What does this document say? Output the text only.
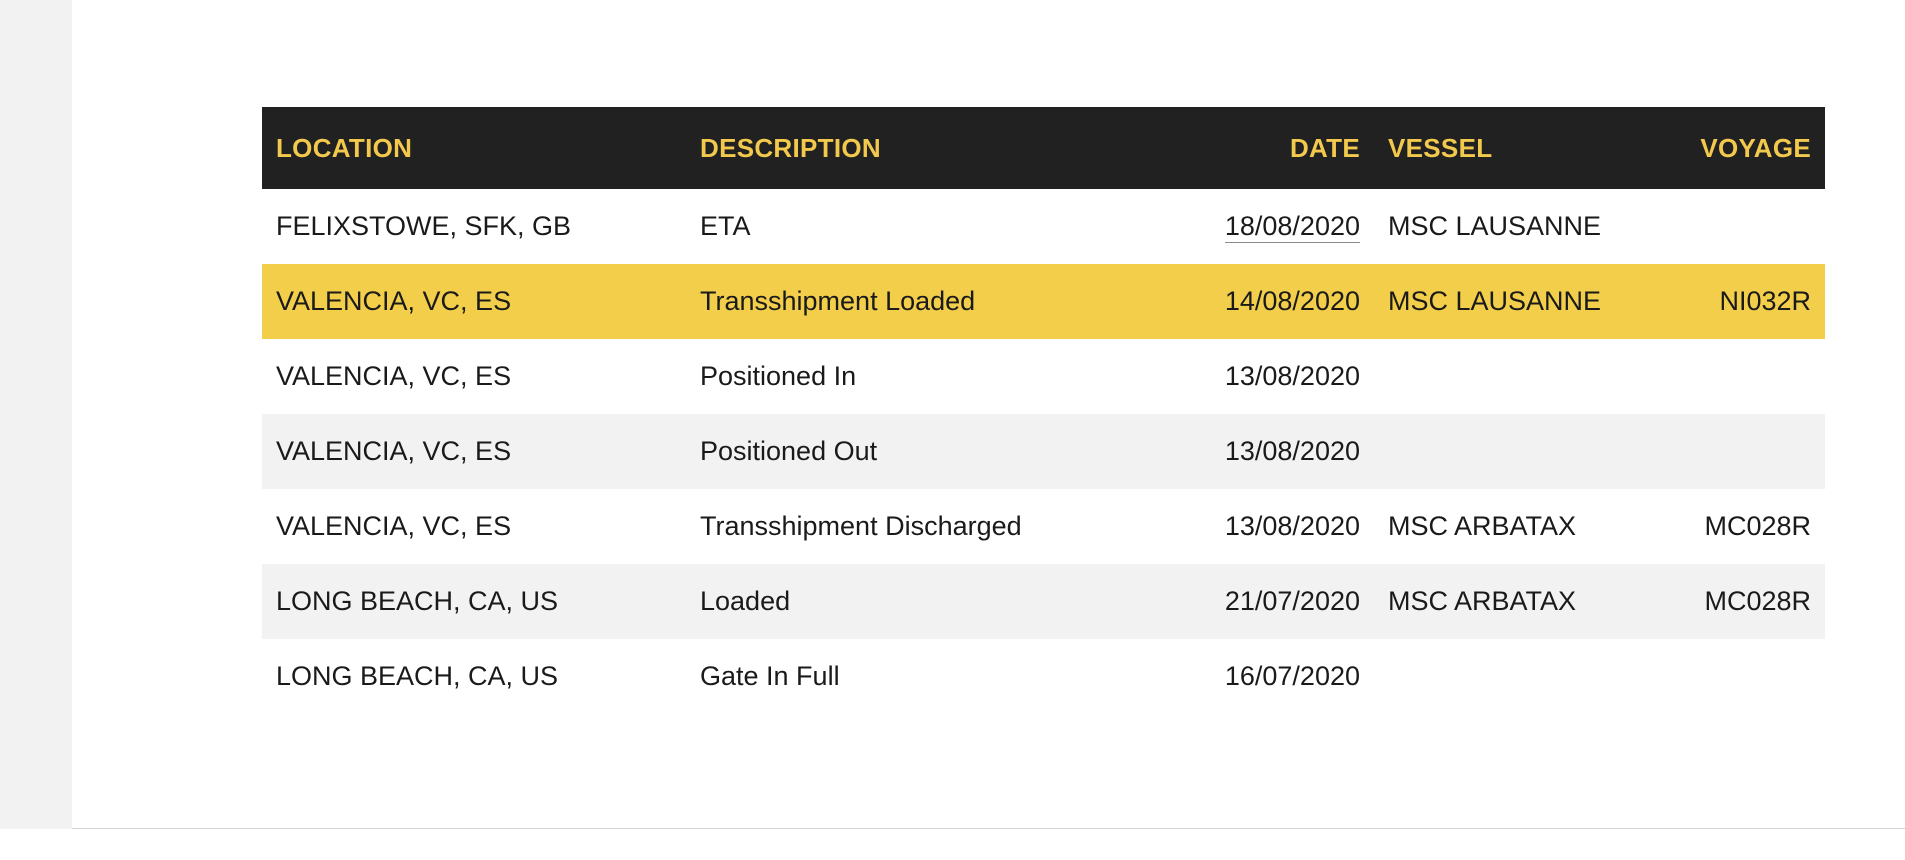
LOCATION	DESCRIPTION	DATE	VESSEL	VOYAGE
FELIXSTOWE, SFK, GB	ETA	18/08/2020	MSC LAUSANNE	
VALENCIA, VC, ES	Transshipment Loaded	14/08/2020	MSC LAUSANNE	NI032R
VALENCIA, VC, ES	Positioned In	13/08/2020		
VALENCIA, VC, ES	Positioned Out	13/08/2020		
VALENCIA, VC, ES	Transshipment Discharged	13/08/2020	MSC ARBATAX	MC028R
LONG BEACH, CA, US	Loaded	21/07/2020	MSC ARBATAX	MC028R
LONG BEACH, CA, US	Gate In Full	16/07/2020		
